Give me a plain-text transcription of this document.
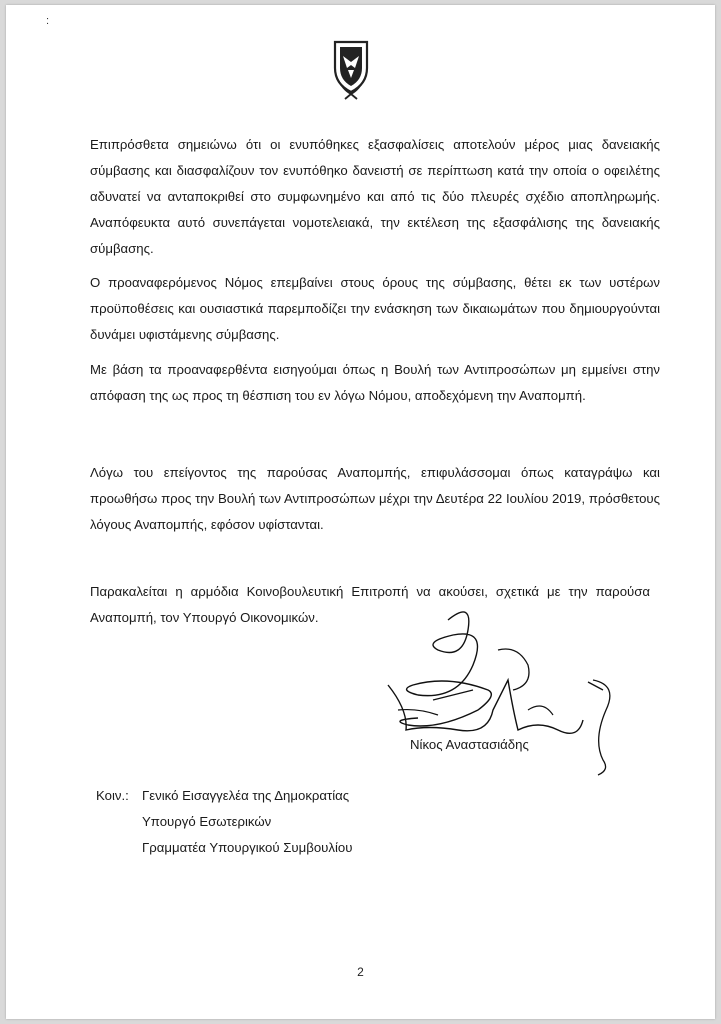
:

Επιπρόσθετα σημειώνω ότι οι ενυπόθηκες εξασφαλίσεις αποτελούν μέρος μιας δανειακής σύμβασης και διασφαλίζουν τον ενυπόθηκο δανειστή σε περίπτωση κατά την οποία ο οφειλέτης αδυνατεί να ανταποκριθεί στο συμφωνημένο και από τις δύο πλευρές σχέδιο αποπληρωμής. Αναπόφευκτα αυτό συνεπάγεται νομοτελειακά, την εκτέλεση της εξασφάλισης της δανειακής σύμβασης.

Ο προαναφερόμενος Νόμος επεμβαίνει στους όρους της σύμβασης, θέτει εκ των υστέρων προϋποθέσεις και ουσιαστικά παρεμποδίζει την ενάσκηση των δικαιωμάτων που δημιουργούνται δυνάμει υφιστάμενης σύμβασης.

Με βάση τα προαναφερθέντα εισηγούμαι όπως η Βουλή των Αντιπροσώπων μη εμμείνει στην απόφαση της ως προς τη θέσπιση του εν λόγω Νόμου, αποδεχόμενη την Αναπομπή.

Λόγω του επείγοντος της παρούσας Αναπομπής, επιφυλάσσομαι όπως καταγράψω και προωθήσω προς την Βουλή των Αντιπροσώπων μέχρι την Δευτέρα 22 Ιουλίου 2019, πρόσθετους λόγους Αναπομπής, εφόσον υφίστανται.

Παρακαλείται η αρμόδια Κοινοβουλευτική Επιτροπή να ακούσει, σχετικά με την παρούσα Αναπομπή, τον Υπουργό Οικονομικών.

Νίκος Αναστασιάδης
Κοιν.: Γενικό Εισαγγελέα της Δημοκρατίας
Υπουργό Εσωτερικών
Γραμματέα Υπουργικού Συμβουλίου
2
